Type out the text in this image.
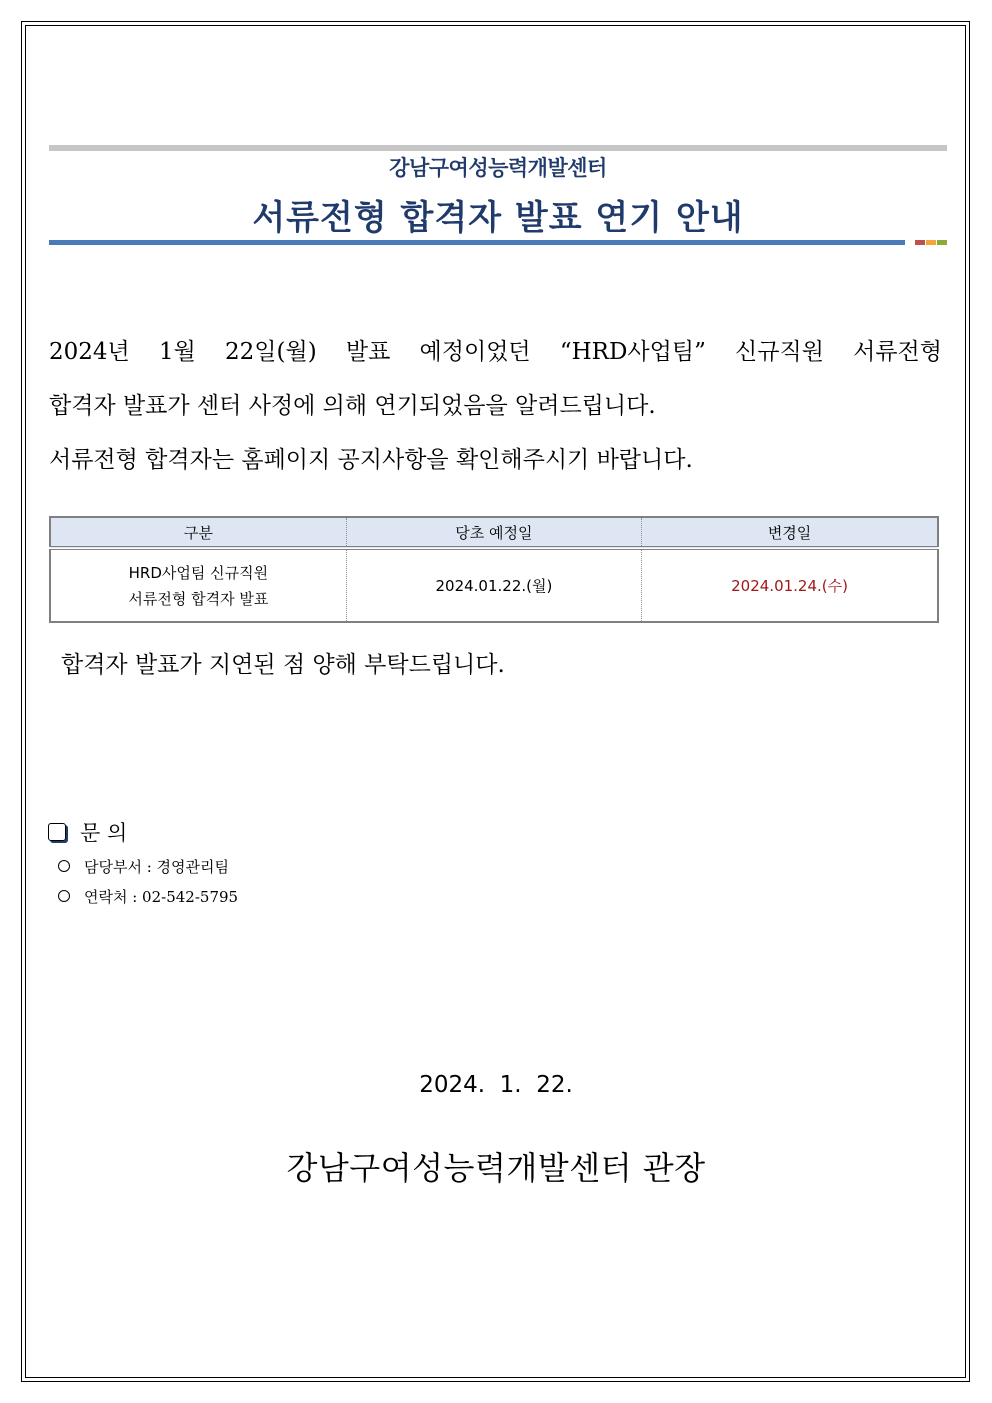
강남구여성능력개발센터
서류전형 합격자 발표 연기 안내
2024년 1월 22일(월) 발표 예정이었던 “HRD사업팀” 신규직원 서류전형
합격자 발표가 센터 사정에 의해 연기되었음을 알려드립니다.
서류전형 합격자는 홈페이지 공지사항을 확인해주시기 바랍니다.
구분	당초 예정일	변경일

HRD사업팀 신규직원
서류전형 합격자 발표	2024.01.22.(월)	2024.01.24.(수)
합격자 발표가 지연된 점 양해 부탁드립니다.
문 의
담당부서 : 경영관리팀
연락처 : 02-542-5795
2024.  1.  22.
강남구여성능력개발센터 관장
